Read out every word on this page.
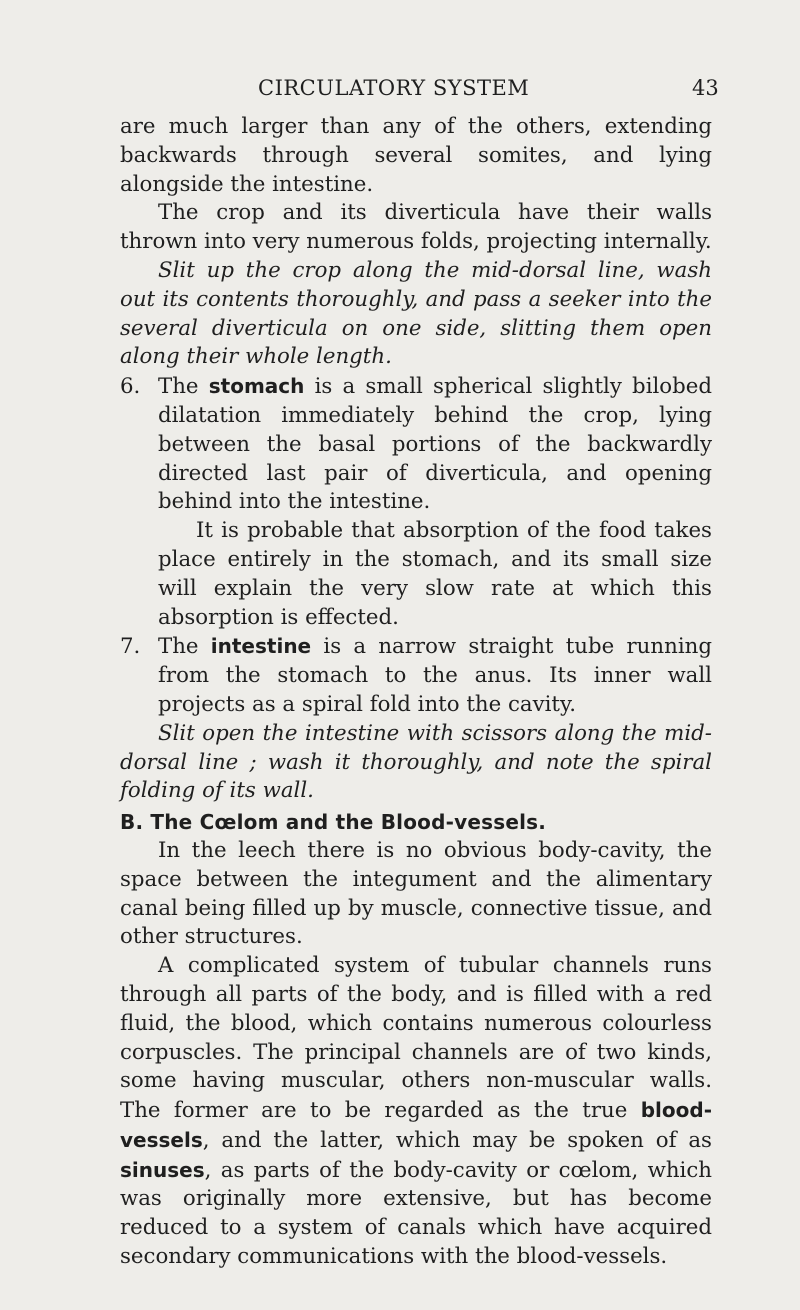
CIRCULATORY SYSTEM	43

are much larger than any of the others, extending backwards through several somites, and lying alongside the intestine.

The crop and its diverticula have their walls thrown into very numerous folds, projecting internally.

Slit up the crop along the mid-dorsal line, wash out its contents thoroughly, and pass a seeker into the several diverticula on one side, slitting them open along their whole length.

6. The stomach is a small spherical slightly bilobed dilatation immediately behind the crop, lying between the basal portions of the backwardly directed last pair of diverticula, and opening behind into the intestine.

It is probable that absorption of the food takes place entirely in the stomach, and its small size will explain the very slow rate at which this absorption is effected.

7. The intestine is a narrow straight tube running from the stomach to the anus. Its inner wall projects as a spiral fold into the cavity.

Slit open the intestine with scissors along the mid-dorsal line ; wash it thoroughly, and note the spiral folding of its wall.

B. The Cœlom and the Blood-vessels.

In the leech there is no obvious body-cavity, the space between the integument and the alimentary canal being filled up by muscle, connective tissue, and other structures.

A complicated system of tubular channels runs through all parts of the body, and is filled with a red fluid, the blood, which contains numerous colourless corpuscles. The principal channels are of two kinds, some having muscular, others non-muscular walls. The former are to be regarded as the true blood-vessels, and the latter, which may be spoken of as sinuses, as parts of the body-cavity or cœlom, which was originally more extensive, but has become reduced to a system of canals which have acquired secondary communications with the blood-vessels.
